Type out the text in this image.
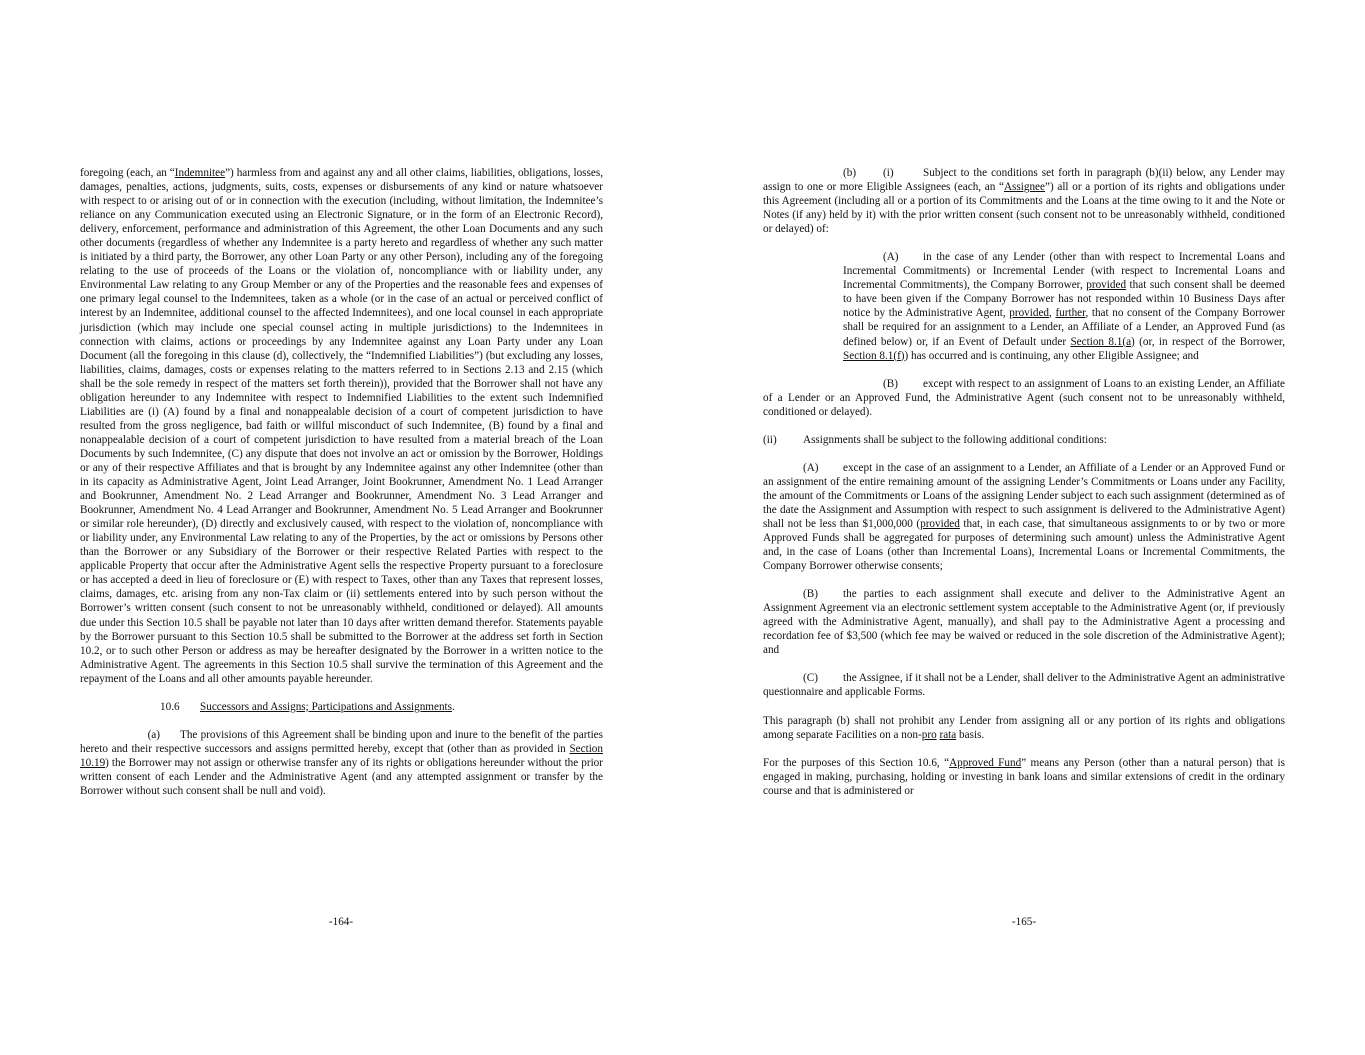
foregoing (each, an “Indemnitee”) harmless from and against any and all other claims, liabilities, obligations, losses, damages, penalties, actions, judgments, suits, costs, expenses or disbursements of any kind or nature whatsoever with respect to or arising out of or in connection with the execution (including, without limitation, the Indemnitee’s reliance on any Communication executed using an Electronic Signature, or in the form of an Electronic Record), delivery, enforcement, performance and administration of this Agreement, the other Loan Documents and any such other documents (regardless of whether any Indemnitee is a party hereto and regardless of whether any such matter is initiated by a third party, the Borrower, any other Loan Party or any other Person), including any of the foregoing relating to the use of proceeds of the Loans or the violation of, noncompliance with or liability under, any Environmental Law relating to any Group Member or any of the Properties and the reasonable fees and expenses of one primary legal counsel to the Indemnitees, taken as a whole (or in the case of an actual or perceived conflict of interest by an Indemnitee, additional counsel to the affected Indemnitees), and one local counsel in each appropriate jurisdiction (which may include one special counsel acting in multiple jurisdictions) to the Indemnitees in connection with claims, actions or proceedings by any Indemnitee against any Loan Party under any Loan Document (all the foregoing in this clause (d), collectively, the “Indemnified Liabilities”) (but excluding any losses, liabilities, claims, damages, costs or expenses relating to the matters referred to in Sections 2.13 and 2.15 (which shall be the sole remedy in respect of the matters set forth therein)), provided that the Borrower shall not have any obligation hereunder to any Indemnitee with respect to Indemnified Liabilities to the extent such Indemnified Liabilities are (i) (A) found by a final and nonappealable decision of a court of competent jurisdiction to have resulted from the gross negligence, bad faith or willful misconduct of such Indemnitee, (B) found by a final and nonappealable decision of a court of competent jurisdiction to have resulted from a material breach of the Loan Documents by such Indemnitee, (C) any dispute that does not involve an act or omission by the Borrower, Holdings or any of their respective Affiliates and that is brought by any Indemnitee against any other Indemnitee (other than in its capacity as Administrative Agent, Joint Lead Arranger, Joint Bookrunner, Amendment No. 1 Lead Arranger and Bookrunner, Amendment No. 2 Lead Arranger and Bookrunner, Amendment No. 3 Lead Arranger and Bookrunner, Amendment No. 4 Lead Arranger and Bookrunner, Amendment No. 5 Lead Arranger and Bookrunner or similar role hereunder), (D) directly and exclusively caused, with respect to the violation of, noncompliance with or liability under, any Environmental Law relating to any of the Properties, by the act or omissions by Persons other than the Borrower or any Subsidiary of the Borrower or their respective Related Parties with respect to the applicable Property that occur after the Administrative Agent sells the respective Property pursuant to a foreclosure or has accepted a deed in lieu of foreclosure or (E) with respect to Taxes, other than any Taxes that represent losses, claims, damages, etc. arising from any non-Tax claim or (ii) settlements entered into by such person without the Borrower’s written consent (such consent to not be unreasonably withheld, conditioned or delayed). All amounts due under this Section 10.5 shall be payable not later than 10 days after written demand therefor. Statements payable by the Borrower pursuant to this Section 10.5 shall be submitted to the Borrower at the address set forth in Section 10.2, or to such other Person or address as may be hereafter designated by the Borrower in a written notice to the Administrative Agent. The agreements in this Section 10.5 shall survive the termination of this Agreement and the repayment of the Loans and all other amounts payable hereunder.

10.6 Successors and Assigns; Participations and Assignments.

(a) The provisions of this Agreement shall be binding upon and inure to the benefit of the parties hereto and their respective successors and assigns permitted hereby, except that (other than as provided in Section 10.19) the Borrower may not assign or otherwise transfer any of its rights or obligations hereunder without the prior written consent of each Lender and the Administrative Agent (and any attempted assignment or transfer by the Borrower without such consent shall be null and void).

-164-

(b) (i)	Subject to the conditions set forth in paragraph (b)(ii) below, any Lender may assign to one or more Eligible Assignees (each, an “Assignee”) all or a portion of its rights and obligations under this Agreement (including all or a portion of its Commitments and the Loans at the time owing to it and the Note or Notes (if any) held by it) with the prior written consent (such consent not to be unreasonably withheld, conditioned or delayed) of:

(A) in the case of any Lender (other than with respect to Incremental Loans and Incremental Commitments) or Incremental Lender (with respect to Incremental Loans and Incremental Commitments), the Company Borrower, provided that such consent shall be deemed to have been given if the Company Borrower has not responded within 10 Business Days after notice by the Administrative Agent, provided, further, that no consent of the Company Borrower shall be required for an assignment to a Lender, an Affiliate of a Lender, an Approved Fund (as defined below) or, if an Event of Default under Section 8.1(a) (or, in respect of the Borrower, Section 8.1(f)) has occurred and is continuing, any other Eligible Assignee; and

(B) except with respect to an assignment of Loans to an existing Lender, an Affiliate of a Lender or an Approved Fund, the Administrative Agent (such consent not to be unreasonably withheld, conditioned or delayed).

(ii) Assignments shall be subject to the following additional conditions:

(A) except in the case of an assignment to a Lender, an Affiliate of a Lender or an Approved Fund or an assignment of the entire remaining amount of the assigning Lender’s Commitments or Loans under any Facility, the amount of the Commitments or Loans of the assigning Lender subject to each such assignment (determined as of the date the Assignment and Assumption with respect to such assignment is delivered to the Administrative Agent) shall not be less than $1,000,000 (provided that, in each case, that simultaneous assignments to or by two or more Approved Funds shall be aggregated for purposes of determining such amount) unless the Administrative Agent and, in the case of Loans (other than Incremental Loans), Incremental Loans or Incremental Commitments, the Company Borrower otherwise consents;

(B) the parties to each assignment shall execute and deliver to the Administrative Agent an Assignment Agreement via an electronic settlement system acceptable to the Administrative Agent (or, if previously agreed with the Administrative Agent, manually), and shall pay to the Administrative Agent a processing and recordation fee of $3,500 (which fee may be waived or reduced in the sole discretion of the Administrative Agent); and

(C) the Assignee, if it shall not be a Lender, shall deliver to the Administrative Agent an administrative questionnaire and applicable Forms.

This paragraph (b) shall not prohibit any Lender from assigning all or any portion of its rights and obligations among separate Facilities on a non-pro rata basis.

For the purposes of this Section 10.6, “Approved Fund” means any Person (other than a natural person) that is engaged in making, purchasing, holding or investing in bank loans and similar extensions of credit in the ordinary course and that is administered or

-165-
